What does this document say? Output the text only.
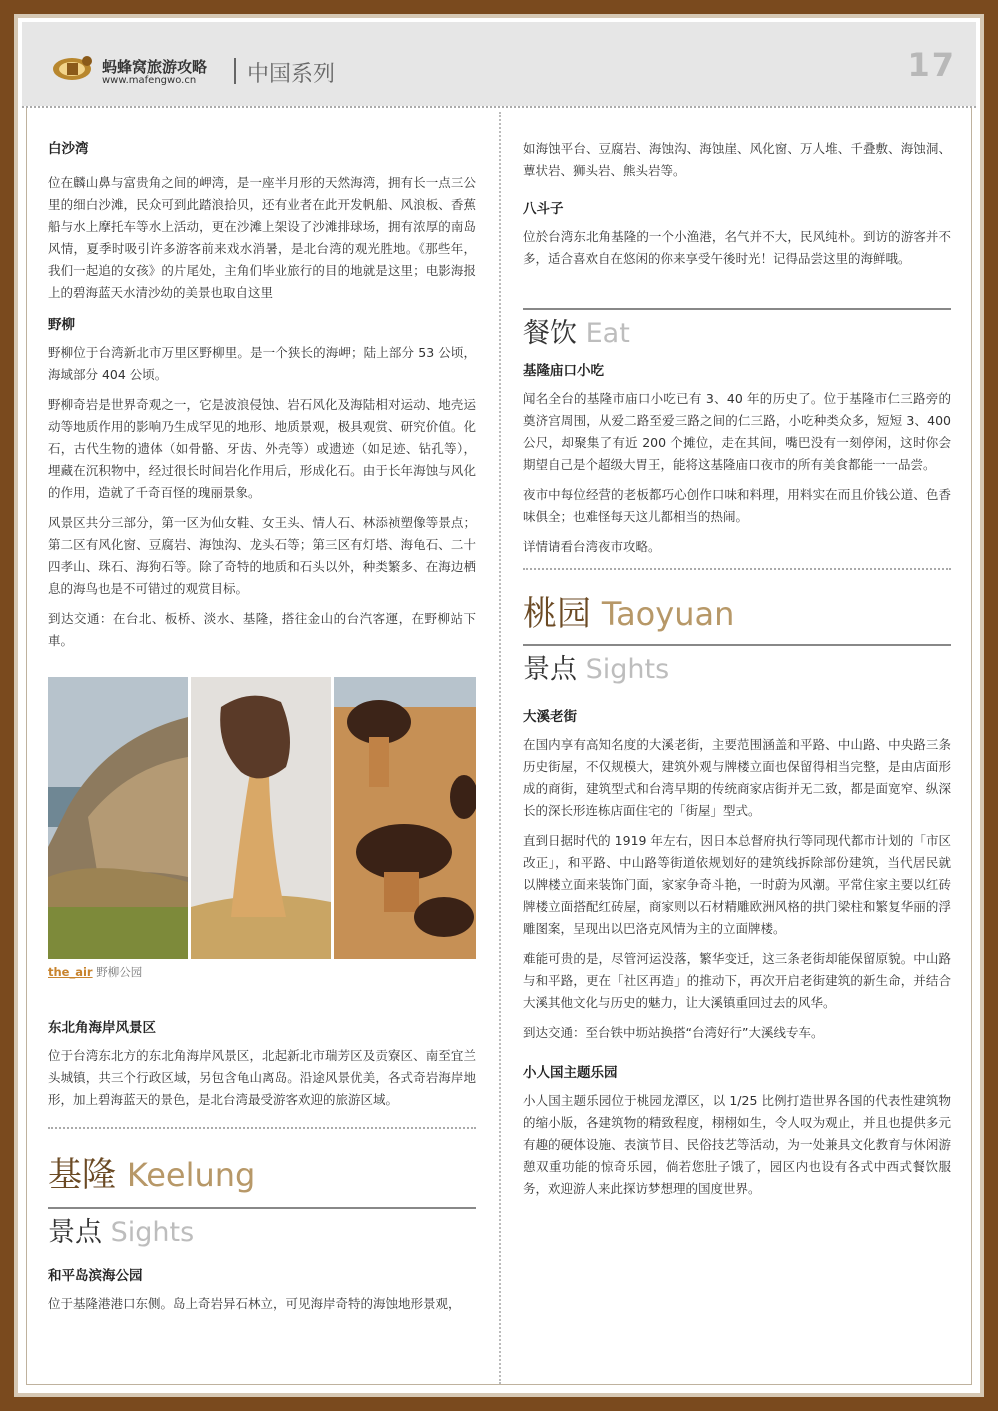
蚂蜂窝旅游攻略
www.mafengwo.cn 中国系列	17
白沙湾

位在麟山鼻与富贵角之间的岬湾，是一座半月形的天然海湾，拥有长一点三公里的细白沙滩，民众可到此踏浪拾贝，还有业者在此开发帆船、风浪板、香蕉船与水上摩托车等水上活动，更在沙滩上架设了沙滩排球场，拥有浓厚的南岛风情，夏季时吸引许多游客前来戏水消暑，是北台湾的观光胜地。《那些年，我们一起追的女孩》的片尾处，主角们毕业旅行的目的地就是这里；电影海报上的碧海蓝天水清沙幼的美景也取自这里

野柳

野柳位于台湾新北市万里区野柳里。是一个狭长的海岬；陆上部分 53 公顷，海域部分 404 公顷。

野柳奇岩是世界奇观之一，它是波浪侵蚀、岩石风化及海陆相对运动、地壳运动等地质作用的影响乃生成罕见的地形、地质景观，极具观赏、研究价值。化石，古代生物的遗体（如骨骼、牙齿、外壳等）或遗迹（如足迹、钻孔等），埋藏在沉积物中，经过很长时间岩化作用后，形成化石。由于长年海蚀与风化的作用，造就了千奇百怪的瑰丽景象。

风景区共分三部分，第一区为仙女鞋、女王头、情人石、林添祯塑像等景点；第二区有风化窗、豆腐岩、海蚀沟、龙头石等；第三区有灯塔、海龟石、二十四孝山、珠石、海狗石等。除了奇特的地质和石头以外，种类繁多、在海边栖息的海鸟也是不可错过的观赏目标。

到达交通：在台北、板桥、淡水、基隆，搭往金山的台汽客運，在野柳站下車。

the_air 野柳公园
东北角海岸风景区

位于台湾东北方的东北角海岸风景区，北起新北市瑞芳区及贡寮区、南至宜兰头城镇，共三个行政区域，另包含龟山离岛。沿途风景优美，各式奇岩海岸地形，加上碧海蓝天的景色，是北台湾最受游客欢迎的旅游区域。

基隆 Keelung
景点 Sights
和平岛滨海公园

位于基隆港港口东侧。岛上奇岩异石林立，可见海岸奇特的海蚀地形景观，

如海蚀平台、豆腐岩、海蚀沟、海蚀崖、风化窗、万人堆、千叠敷、海蚀洞、蕈状岩、狮头岩、熊头岩等。

八斗子

位於台湾东北角基隆的一个小渔港，名气并不大，民风纯朴。到访的游客并不多，适合喜欢自在悠闲的你来享受午後时光！记得品尝这里的海鲜哦。

餐饮 Eat
基隆庙口小吃

闻名全台的基隆市庙口小吃已有 3、40 年的历史了。位于基隆市仁三路旁的奠济宫周围，从爱二路至爱三路之间的仁三路，小吃种类众多，短短 3、400 公尺，却聚集了有近 200 个摊位，走在其间，嘴巴没有一刻停闲，这时你会期望自己是个超级大胃王，能将这基隆庙口夜市的所有美食都能一一品尝。

夜市中每位经营的老板都巧心创作口味和料理，用料实在而且价钱公道、色香味俱全；也难怪每天这儿都相当的热闹。

详情请看台湾夜市攻略。

桃园 Taoyuan
景点 Sights
大溪老街

在国内享有高知名度的大溪老街，主要范围涵盖和平路、中山路、中央路三条历史街屋，不仅规模大，建筑外观与牌楼立面也保留得相当完整，是由店面形成的商街，建筑型式和台湾早期的传统商家店街并无二致，都是面宽窄、纵深长的深长形连栋店面住宅的「街屋」型式。

直到日据时代的 1919 年左右，因日本总督府执行等同现代都市计划的「市区改正」，和平路、中山路等街道依规划好的建筑线拆除部份建筑，当代居民就以牌楼立面来装饰门面，家家争奇斗艳，一时蔚为风潮。平常住家主要以红砖牌楼立面搭配红砖屋，商家则以石材精雕欧洲风格的拱门梁柱和繁复华丽的浮雕图案，呈现出以巴洛克风情为主的立面牌楼。

难能可贵的是，尽管河运没落，繁华变迁，这三条老街却能保留原貌。中山路与和平路，更在「社区再造」的推动下，再次开启老街建筑的新生命，并结合大溪其他文化与历史的魅力，让大溪镇重回过去的风华。

到达交通：至台铁中坜站换搭“台湾好行”大溪线专车。

小人国主题乐园

小人国主题乐园位于桃园龙潭区，以 1/25 比例打造世界各国的代表性建筑物的缩小版，各建筑物的精致程度，栩栩如生，令人叹为观止，并且也提供多元有趣的硬体设施、表演节目、民俗技艺等活动，为一处兼具文化教育与休闲游憩双重功能的惊奇乐园，倘若您肚子饿了，园区内也设有各式中西式餐饮服务，欢迎游人来此探访梦想理的国度世界。
